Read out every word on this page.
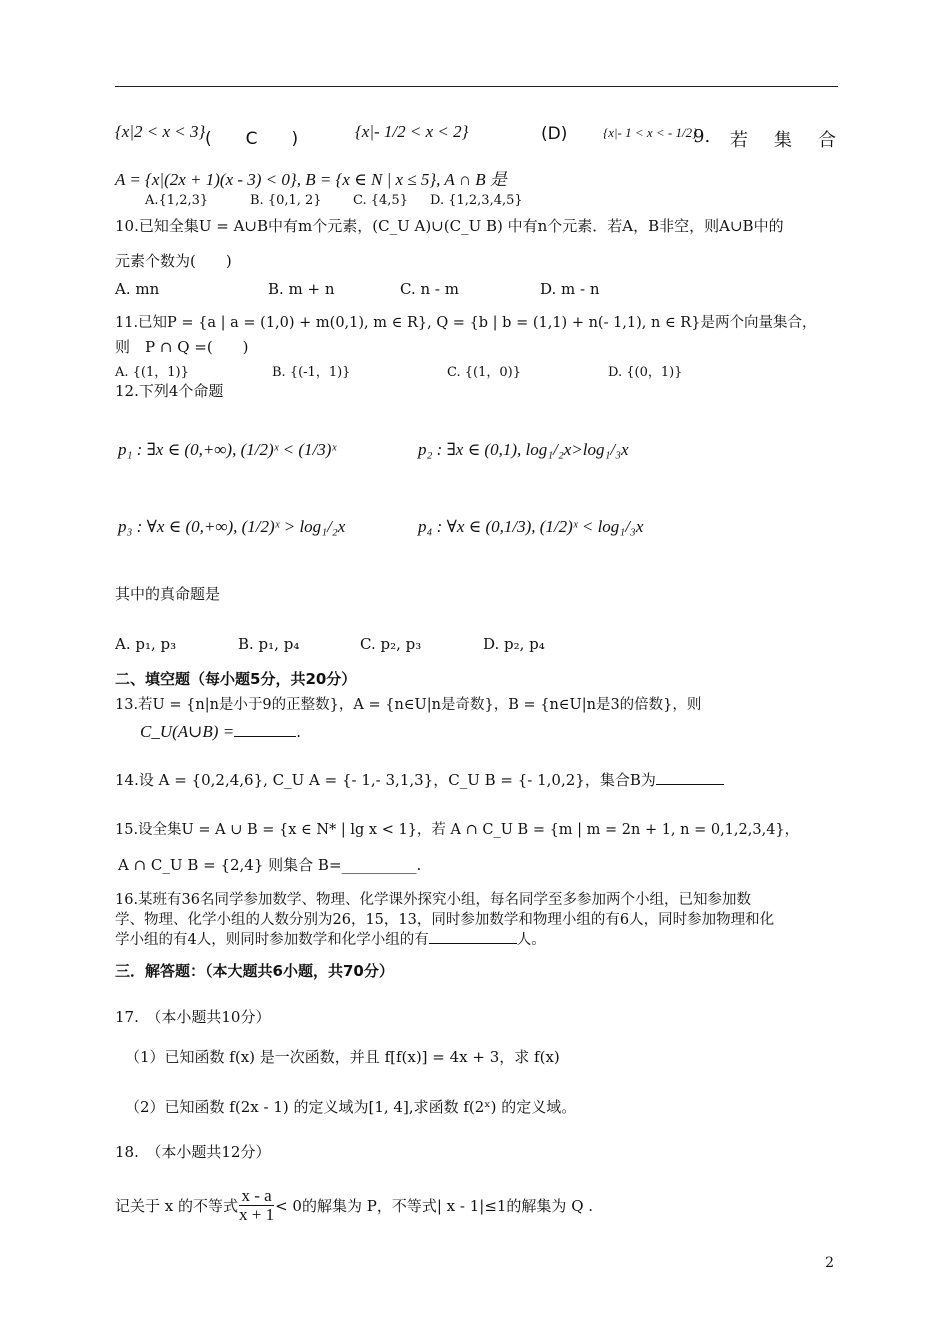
{x|2 < x < 3} (　　C　　)	{x|- 1/2 < x < 2}	(D)	{x|- 1 < x < - 1/2}
9. 若　集　合
A = {x|(2x + 1)(x - 3) < 0}, B = {x ∈ N | x ≤ 5}, A ∩ B 是
A.{1,2,3}	B. {0,1, 2} C. {4,5} D. {1,2,3,4,5}
10.已知全集U = A∪B中有m个元素，(C_U A)∪(C_U B) 中有n个元素．若A，B非空，则A∪B中的
元素个数为(　　)
A. mn	B. m + n	C. n - m	D. m - n
11.已知P = {a | a = (1,0) + m(0,1), m ∈ R}, Q = {b | b = (1,1) + n(- 1,1), n ∈ R}是两个向量集合，
则　P ∩ Q =(　　)
A. {(1，1)}	B. {(-1，1)}	C. {(1，0)}	D. {(0，1)}
12.下列4个命题
p₁ : ∃x ∈ (0,+∞), (1/2)ˣ < (1/3)ˣ	p₂ : ∃x ∈ (0,1), log₁/₂x>log₁/₃x
p₃ : ∀x ∈ (0,+∞), (1/2)ˣ > log₁/₂x	p₄ : ∀x ∈ (0,1/3), (1/2)ˣ < log₁/₃x
其中的真命题是
A. p₁, p₃	B. p₁, p₄	C. p₂, p₃	D. p₂, p₄
二、填空题（每小题5分，共20分）
13.若U = {n|n是小于9的正整数}，A = {n∈U|n是奇数}，B = {n∈U|n是3的倍数}，则
C_U(A∪B) =	.
14.设 A = {0,2,4,6}, C_U A = {- 1,- 3,1,3}，C_U B = {- 1,0,2}，集合B为
15.设全集U = A ∪ B = {x ∈ N* | lg x < 1}，若 A ∩ C_U B = {m | m = 2n + 1, n = 0,1,2,3,4}，
A ∩ C_U B = {2,4} 则集合 B=__________.
16.某班有36名同学参加数学、物理、化学课外探究小组，每名同学至多参加两个小组，已知参加数
学、物理、化学小组的人数分别为26，15，13，同时参加数学和物理小组的有6人，同时参加物理和化
学小组的有4人，则同时参加数学和化学小组的有	人。
三．解答题：（本大题共6小题，共70分）
17.　（本小题共10分）
（1）已知函数 f(x) 是一次函数，并且 f[f(x)] = 4x + 3，求 f(x)
（2）已知函数 f(2x - 1) 的定义域为[1, 4],求函数 f(2ˣ) 的定义域。
18.　（本小题共12分）
记关于 x 的不等式 $\frac{x - a}{x + 1} < 0$的解集为 P，不等式| x - 1|≤1的解集为 Q .
2
